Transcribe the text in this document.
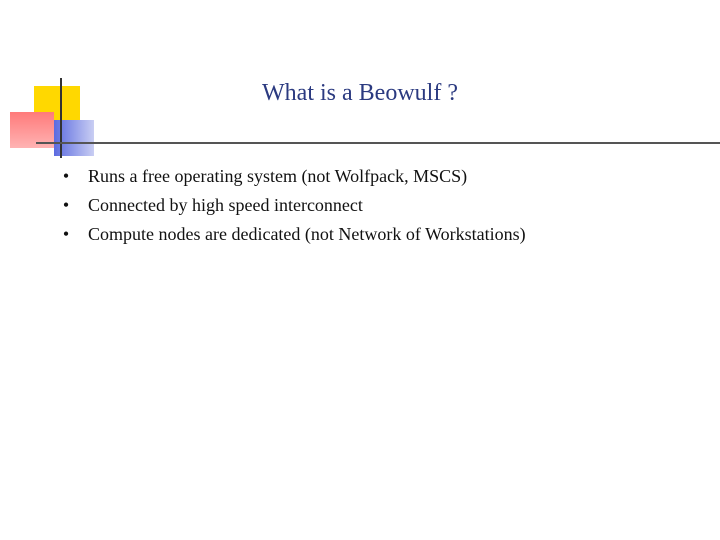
What is a Beowulf ?
•	Runs a free operating system (not Wolfpack, MSCS)
•	Connected by high speed interconnect
•	Compute nodes are dedicated (not Network of Workstations)
